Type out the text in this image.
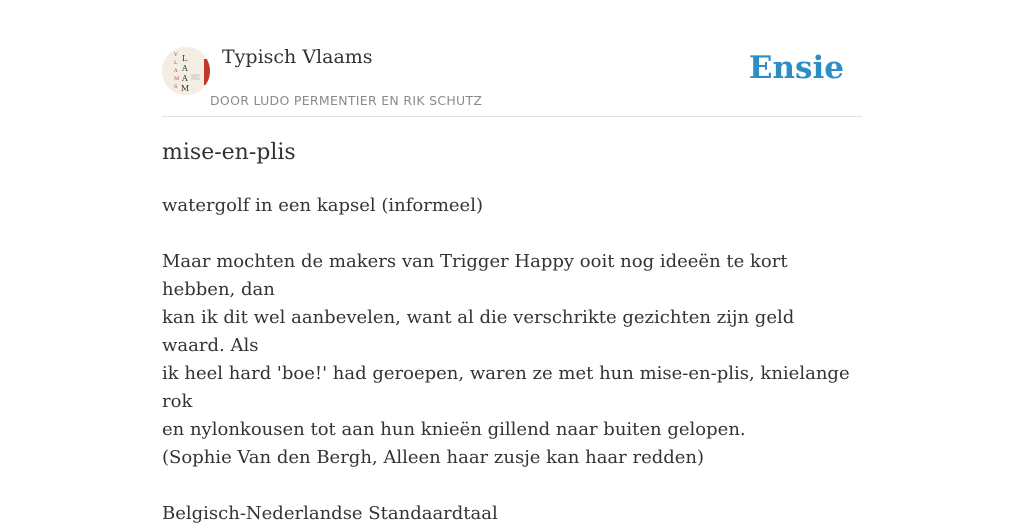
V
L
A
M
S
L
A
A
M
Typisch Vlaams
DOOR LUDO PERMENTIER EN RIK SCHUTZ
Ensie
mise-en-plis

watergolf in een kapsel (informeel)

Maar mochten de makers van Trigger Happy ooit nog ideeën te kort hebben, dan

kan ik dit wel aanbevelen, want al die verschrikte gezichten zijn geld waard. Als

ik heel hard 'boe!' had geroepen, waren ze met hun mise-en-plis, knielange rok

en nylonkousen tot aan hun knieën gillend naar buiten gelopen.

(Sophie Van den Bergh, Alleen haar zusje kan haar redden)

Belgisch-Nederlandse Standaardtaal
